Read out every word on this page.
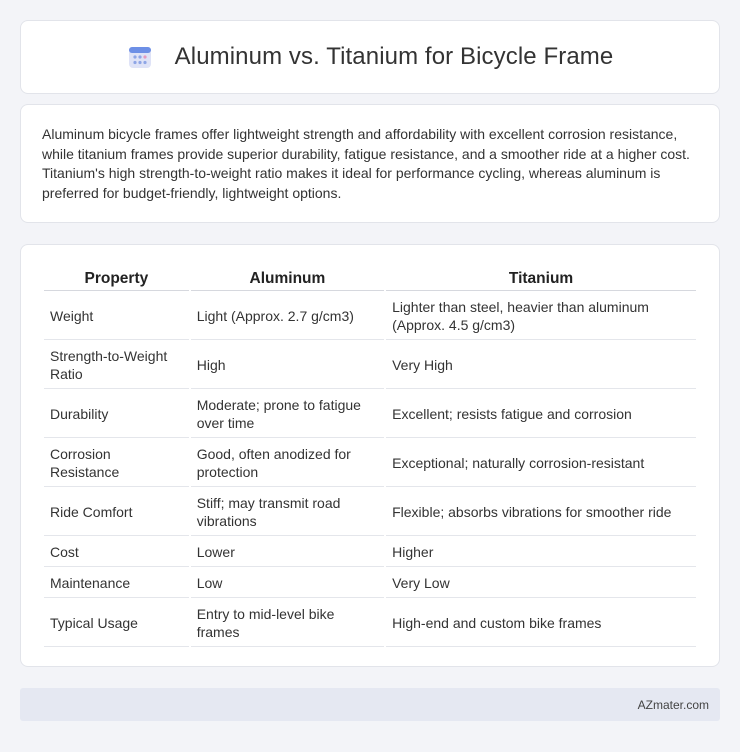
Aluminum vs. Titanium for Bicycle Frame

Aluminum bicycle frames offer lightweight strength and affordability with excellent corrosion resistance, while titanium frames provide superior durability, fatigue resistance, and a smoother ride at a higher cost. Titanium's high strength-to-weight ratio makes it ideal for performance cycling, whereas aluminum is preferred for budget-friendly, lightweight options.

Property	Aluminum	Titanium
Weight	Light (Approx. 2.7 g/cm3)	Lighter than steel, heavier than aluminum (Approx. 4.5 g/cm3)
Strength-to-Weight Ratio	High	Very High
Durability	Moderate; prone to fatigue over time	Excellent; resists fatigue and corrosion
Corrosion Resistance	Good, often anodized for protection	Exceptional; naturally corrosion-resistant
Ride Comfort	Stiff; may transmit road vibrations	Flexible; absorbs vibrations for smoother ride
Cost	Lower	Higher
Maintenance	Low	Very Low
Typical Usage	Entry to mid-level bike frames	High-end and custom bike frames
AZmater.com
